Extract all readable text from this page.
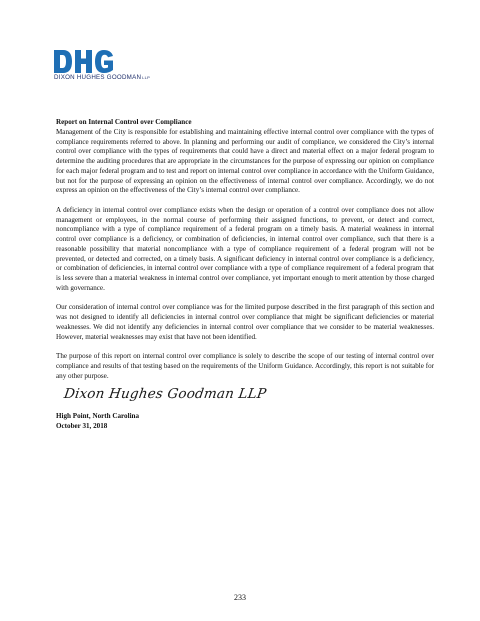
DIXON HUGHES GOODMANLLP
Report on Internal Control over Compliance

Management of the City is responsible for establishing and maintaining effective internal control over compliance with the types of compliance requirements referred to above. In planning and performing our audit of compliance, we considered the City’s internal control over compliance with the types of requirements that could have a direct and material effect on a major federal program to determine the auditing procedures that are appropriate in the circumstances for the purpose of expressing our opinion on compliance for each major federal program and to test and report on internal control over compliance in accordance with the Uniform Guidance, but not for the purpose of expressing an opinion on the effectiveness of internal control over compliance. Accordingly, we do not express an opinion on the effectiveness of the City’s internal control over compliance.

A deficiency in internal control over compliance exists when the design or operation of a control over compliance does not allow management or employees, in the normal course of performing their assigned functions, to prevent, or detect and correct, noncompliance with a type of compliance requirement of a federal program on a timely basis. A material weakness in internal control over compliance is a deficiency, or combination of deficiencies, in internal control over compliance, such that there is a reasonable possibility that material noncompliance with a type of compliance requirement of a federal program will not be prevented, or detected and corrected, on a timely basis. A significant deficiency in internal control over compliance is a deficiency, or combination of deficiencies, in internal control over compliance with a type of compliance requirement of a federal program that is less severe than a material weakness in internal control over compliance, yet important enough to merit attention by those charged with governance.

Our consideration of internal control over compliance was for the limited purpose described in the first paragraph of this section and was not designed to identify all deficiencies in internal control over compliance that might be significant deficiencies or material weaknesses. We did not identify any deficiencies in internal control over compliance that we consider to be material weaknesses. However, material weaknesses may exist that have not been identified.

The purpose of this report on internal control over compliance is solely to describe the scope of our testing of internal control over compliance and results of that testing based on the requirements of the Uniform Guidance. Accordingly, this report is not suitable for any other purpose.

Dixon Hughes Goodman LLP
High Point, North Carolina
October 31, 2018
233
